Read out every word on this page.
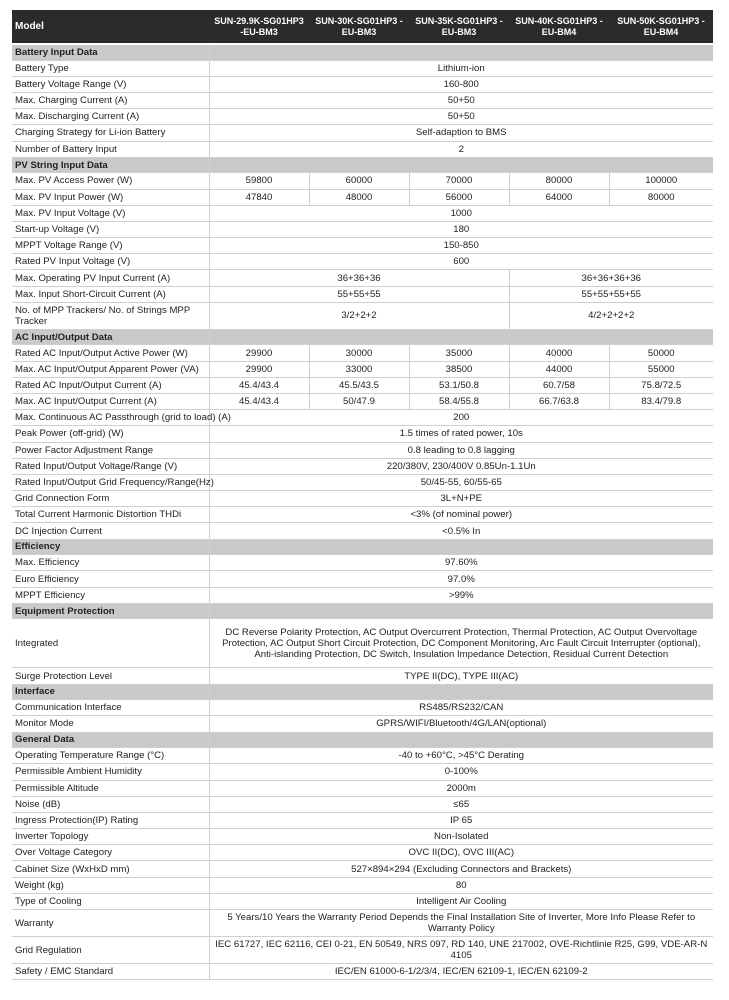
Model	SUN-29.9K-SG01HP3 -EU-BM3	SUN-30K-SG01HP3 -EU-BM3	SUN-35K-SG01HP3 -EU-BM3	SUN-40K-SG01HP3 -EU-BM4	SUN-50K-SG01HP3 -EU-BM4
Battery Input Data					
Battery Type	Lithium-ion				
Battery Voltage Range (V)	160-800				
Max. Charging Current (A)	50+50				
Max. Discharging Current (A)	50+50				
Charging Strategy for Li-ion Battery	Self-adaption to BMS				
Number of Battery Input	2				
PV String Input Data					
Max. PV Access Power (W)	59800	60000	70000	80000	100000
Max. PV Input Power (W)	47840	48000	56000	64000	80000
Max. PV Input Voltage (V)	1000				
Start-up Voltage (V)	180				
MPPT Voltage Range (V)	150-850				
Rated PV Input Voltage (V)	600				
Max. Operating PV Input Current (A)	36+36+36			36+36+36+36	
Max. Input Short-Circuit Current (A)	55+55+55			55+55+55+55	
No. of MPP Trackers/ No. of Strings MPP Tracker	3/2+2+2			4/2+2+2+2	
AC Input/Output Data					
Rated AC Input/Output Active Power (W)	29900	30000	35000	40000	50000
Max. AC Input/Output Apparent Power (VA)	29900	33000	38500	44000	55000
Rated AC Input/Output Current (A)	45.4/43.4	45.5/43.5	53.1/50.8	60.7/58	75.8/72.5
Max. AC Input/Output Current (A)	45.4/43.4	50/47.9	58.4/55.8	66.7/63.8	83.4/79.8
Max. Continuous AC Passthrough (grid to load) (A)	200				
Peak Power (off-grid) (W)	1.5 times of rated power, 10s				
Power Factor Adjustment Range	0.8 leading to 0.8 lagging				
Rated Input/Output Voltage/Range (V)	220/380V, 230/400V 0.85Un-1.1Un				
Rated Input/Output Grid Frequency/Range(Hz)	50/45-55, 60/55-65				
Grid Connection Form	3L+N+PE				
Total Current Harmonic Distortion THDi	<3% (of nominal power)				
DC Injection Current	<0.5% In				
Efficiency					
Max. Efficiency	97.60%				
Euro Efficiency	97.0%				
MPPT Efficiency	>99%				
Equipment Protection					
Integrated	DC Reverse Polarity Protection, AC Output Overcurrent Protection, Thermal Protection, AC Output Overvoltage Protection, AC Output Short Circuit Protection, DC Component Monitoring, Arc Fault Circuit Interrupter (optional), Anti-islanding Protection, DC Switch, Insulation Impedance Detection, Residual Current Detection				
Surge Protection Level	TYPE II(DC), TYPE III(AC)				
Interface					
Communication Interface	RS485/RS232/CAN				
Monitor Mode	GPRS/WIFI/Bluetooth/4G/LAN(optional)				
General Data					
Operating Temperature Range (°C)	-40 to +60°C, >45°C Derating				
Permissible Ambient Humidity	0-100%				
Permissible Altitude	2000m				
Noise (dB)	≤65				
Ingress Protection(IP) Rating	IP 65				
Inverter Topology	Non-Isolated				
Over Voltage Category	OVC II(DC), OVC III(AC)				
Cabinet Size (WxHxD mm)	527×894×294 (Excluding Connectors and Brackets)				
Weight (kg)	80				
Type of Cooling	Intelligent Air Cooling				
Warranty	5 Years/10 Years the Warranty Period Depends the Final Installation Site of Inverter, More Info Please Refer to Warranty Policy				
Grid Regulation	IEC 61727, IEC 62116, CEI 0-21, EN 50549, NRS 097, RD 140, UNE 217002, OVE-Richtlinie R25, G99, VDE-AR-N 4105				
Safety / EMC Standard	IEC/EN 61000-6-1/2/3/4, IEC/EN 62109-1, IEC/EN 62109-2				
